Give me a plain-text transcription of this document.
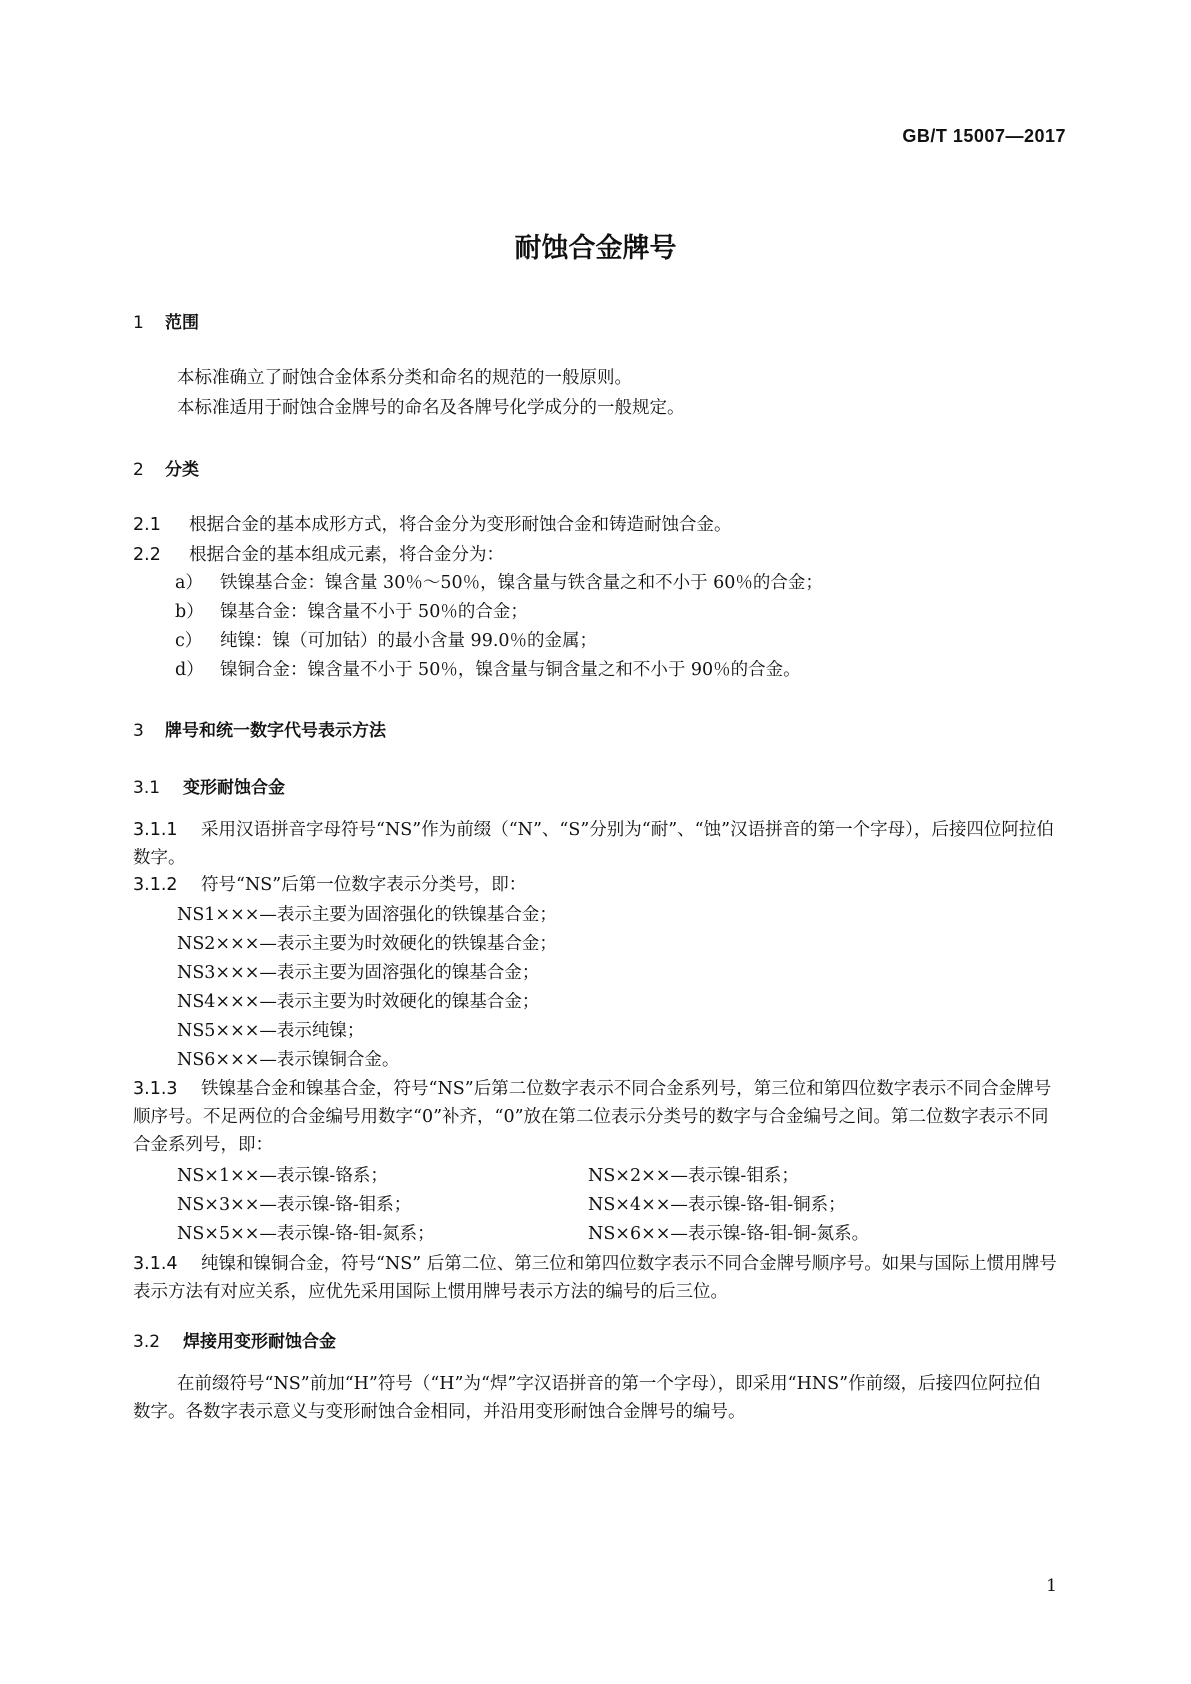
GB/T 15007—2017
耐蚀合金牌号
1 范围
本标准确立了耐蚀合金体系分类和命名的规范的一般原则。
本标准适用于耐蚀合金牌号的命名及各牌号化学成分的一般规定。
2 分类
2.1 根据合金的基本成形方式，将合金分为变形耐蚀合金和铸造耐蚀合金。
2.2 根据合金的基本组成元素，将合金分为：
a） 铁镍基合金：镍含量 30％～50％，镍含量与铁含量之和不小于 60％的合金；
b） 镍基合金：镍含量不小于 50％的合金；
c） 纯镍：镍（可加钴）的最小含量 99.0％的金属；
d） 镍铜合金：镍含量不小于 50％，镍含量与铜含量之和不小于 90％的合金。
3 牌号和统一数字代号表示方法
3.1 变形耐蚀合金
3.1.1 采用汉语拼音字母符号“NS”作为前缀（“N”、“S”分别为“耐”、“蚀”汉语拼音的第一个字母），后接四位阿拉伯数字。
3.1.2 符号“NS”后第一位数字表示分类号，即：
NS1×××—表示主要为固溶强化的铁镍基合金；
NS2×××—表示主要为时效硬化的铁镍基合金；
NS3×××—表示主要为固溶强化的镍基合金；
NS4×××—表示主要为时效硬化的镍基合金；
NS5×××—表示纯镍；
NS6×××—表示镍铜合金。
3.1.3 铁镍基合金和镍基合金，符号“NS”后第二位数字表示不同合金系列号，第三位和第四位数字表示不同合金牌号顺序号。不足两位的合金编号用数字“0”补齐，“0”放在第二位表示分类号的数字与合金编号之间。第二位数字表示不同合金系列号，即：
NS×1××—表示镍-铬系；	NS×2××—表示镍-钼系；
NS×3××—表示镍-铬-钼系；	NS×4××—表示镍-铬-钼-铜系；
NS×5××—表示镍-铬-钼-氮系；	NS×6××—表示镍-铬-钼-铜-氮系。
3.1.4 纯镍和镍铜合金，符号“NS” 后第二位、第三位和第四位数字表示不同合金牌号顺序号。如果与国际上惯用牌号表示方法有对应关系，应优先采用国际上惯用牌号表示方法的编号的后三位。
3.2 焊接用变形耐蚀合金
在前缀符号“NS”前加“H”符号（“H”为“焊”字汉语拼音的第一个字母），即采用“HNS”作前缀，后接四位阿拉伯数字。各数字表示意义与变形耐蚀合金相同，并沿用变形耐蚀合金牌号的编号。
1
